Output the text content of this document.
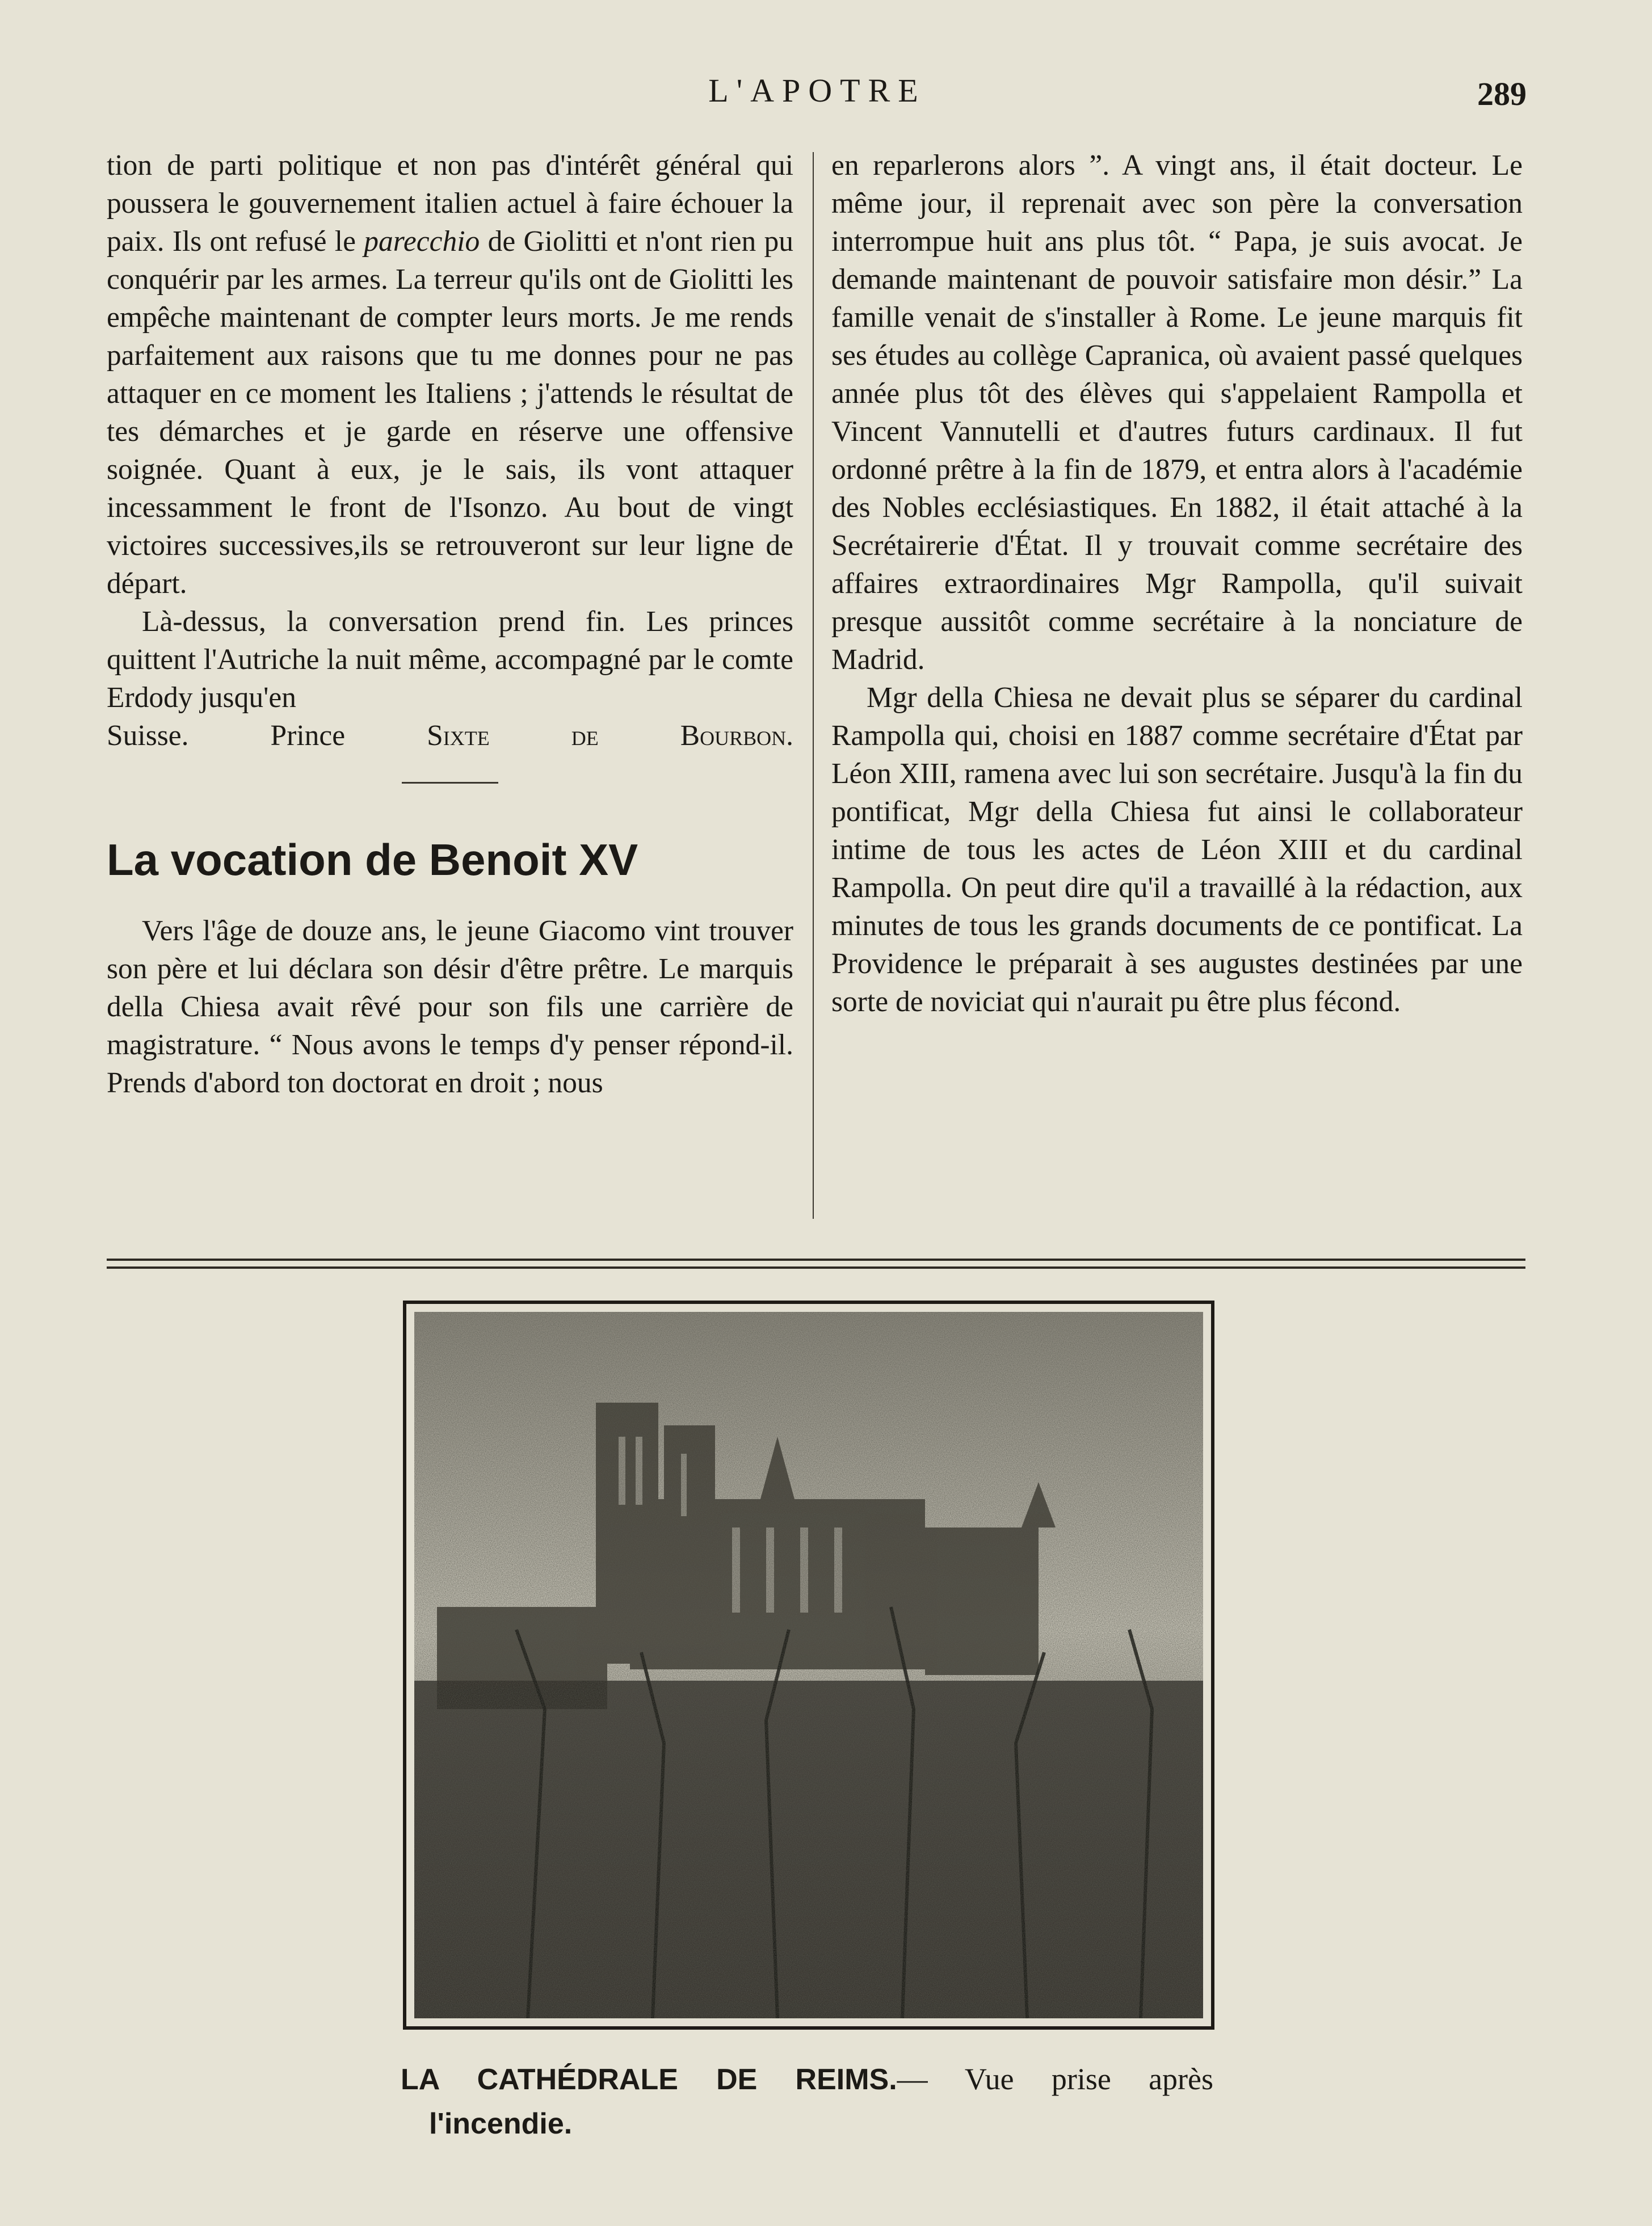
L'APOTRE	289

tion de parti politique et non pas d'intérêt général qui poussera le gouvernement italien actuel à faire échouer la paix. Ils ont refusé le parecchio de Giolitti et n'ont rien pu conquérir par les armes. La terreur qu'ils ont de Giolitti les empêche maintenant de compter leurs morts. Je me rends parfaitement aux raisons que tu me donnes pour ne pas attaquer en ce moment les Italiens ; j'attends le résultat de tes démarches et je garde en réserve une offensive soignée. Quant à eux, je le sais, ils vont attaquer incessamment le front de l'Isonzo. Au bout de vingt victoires successives,ils se retrouveront sur leur ligne de départ.

Là-dessus, la conversation prend fin. Les princes quittent l'Autriche la nuit même, accompagné par le comte Erdody jusqu'en

Suisse.	Prince	Sixte de Bourbon.

La vocation de Benoit XV

Vers l'âge de douze ans, le jeune Giacomo vint trouver son père et lui déclara son désir d'être prêtre. Le marquis della Chiesa avait rêvé pour son fils une carrière de magistrature. “ Nous avons le temps d'y penser répond-il. Prends d'abord ton doctorat en droit ; nous

en reparlerons alors ”. A vingt ans, il était docteur. Le même jour, il reprenait avec son père la conversation interrompue huit ans plus tôt. “ Papa, je suis avocat. Je demande maintenant de pouvoir satisfaire mon désir.” La famille venait de s'installer à Rome. Le jeune marquis fit ses études au collège Capranica, où avaient passé quelques année plus tôt des élèves qui s'appelaient Rampolla et Vincent Vannutelli et d'autres futurs cardinaux. Il fut ordonné prêtre à la fin de 1879, et entra alors à l'académie des Nobles ecclésiastiques. En 1882, il était attaché à la Secrétairerie d'État. Il y trouvait comme secrétaire des affaires extraordinaires Mgr Rampolla, qu'il suivait presque aussitôt comme secrétaire à la nonciature de Madrid.

Mgr della Chiesa ne devait plus se séparer du cardinal Rampolla qui, choisi en 1887 comme secrétaire d'État par Léon XIII, ramena avec lui son secrétaire. Jusqu'à la fin du pontificat, Mgr della Chiesa fut ainsi le collaborateur intime de tous les actes de Léon XIII et du cardinal Rampolla. On peut dire qu'il a travaillé à la rédaction, aux minutes de tous les grands documents de ce pontificat. La Providence le préparait à ses augustes destinées par une sorte de noviciat qui n'aurait pu être plus fécond.

LA CATHÉDRALE DE REIMS.— Vue prise après
l'incendie.
